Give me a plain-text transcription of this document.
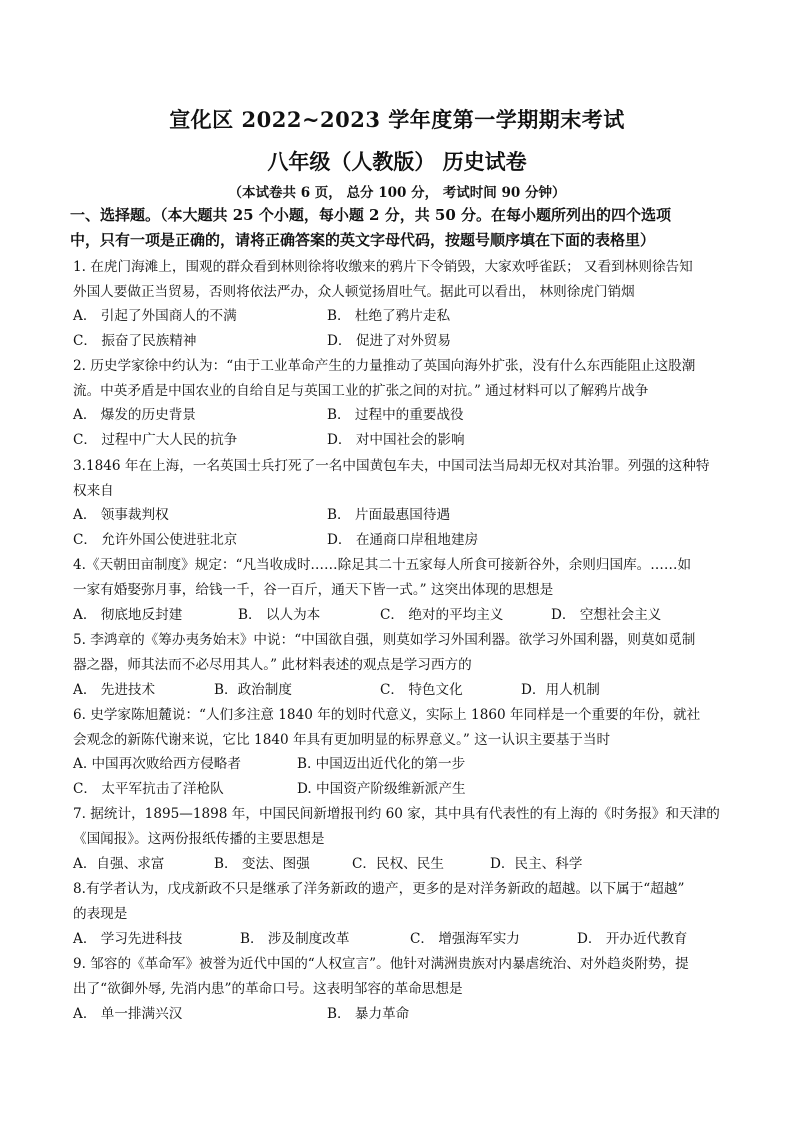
宣化区 2022~2023 学年度第一学期期末考试
八年级（人教版） 历史试卷
（本试卷共 6 页， 总分 100 分， 考试时间 90 分钟）
一、选择题。（本大题共 25 个小题，每小题 2 分，共 50 分。在每小题所列出的四个选项
中，只有一项是正确的，请将正确答案的英文字母代码，按题号顺序填在下面的表格里）
1. 在虎门海滩上，围观的群众看到林则徐将收缴来的鸦片下令销毁，大家欢呼雀跃； 又看到林则徐告知
外国人要做正当贸易，否则将依法严办，众人顿觉扬眉吐气。据此可以看出， 林则徐虎门销烟
A． 引起了外国商人的不满	B． 杜绝了鸦片走私
C． 振奋了民族精神	D． 促进了对外贸易
2. 历史学家徐中约认为：“由于工业革命产生的力量推动了英国向海外扩张，没有什么东西能阻止这股潮
流。中英矛盾是中国农业的自给自足与英国工业的扩张之间的对抗。” 通过材料可以了解鸦片战争
A． 爆发的历史背景	B． 过程中的重要战役
C． 过程中广大人民的抗争	D． 对中国社会的影响
3.1846 年在上海，一名英国士兵打死了一名中国黄包车夫，中国司法当局却无权对其治罪。列强的这种特
权来自
A． 领事裁判权	B． 片面最惠国待遇
C． 允许外国公使进驻北京	D． 在通商口岸租地建房
4.《天朝田亩制度》规定：“凡当收成时……除足其二十五家每人所食可接新谷外，余则归国库。……如
一家有婚娶弥月事，给钱一千，谷一百斤，通天下皆一式。” 这突出体现的思想是
A． 彻底地反封建	B． 以人为本	C． 绝对的平均主义	D． 空想社会主义
5. 李鸿章的《筹办夷务始末》中说：“中国欲自强，则莫如学习外国利器。欲学习外国利器，则莫如觅制
器之器，师其法而不必尽用其人。” 此材料表述的观点是学习西方的
A． 先进技术	B．政治制度	C． 特色文化	D．用人机制
6. 史学家陈旭麓说：“人们多注意 1840 年的划时代意义，实际上 1860 年同样是一个重要的年份，就社
会观念的新陈代谢来说，它比 1840 年具有更加明显的标界意义。” 这一认识主要基于当时
A. 中国再次败给西方侵略者	B. 中国迈出近代化的第一步
C． 太平军抗击了洋枪队	D. 中国资产阶级维新派产生
7. 据统计，1895—1898 年，中国民间新增报刊约 60 家，其中具有代表性的有上海的《时务报》和天津的
《国闻报》。这两份报纸传播的主要思想是
A．自强、求富	B． 变法、图强	C．民权、民生	D．民主、科学
8.有学者认为，戊戌新政不只是继承了洋务新政的遗产，更多的是对洋务新政的超越。以下属于“超越”
的表现是
A． 学习先进科技	B． 涉及制度改革	C． 增强海军实力	D． 开办近代教育
9. 邹容的《革命军》被誉为近代中国的“人权宣言”。他针对满洲贵族对内暴虐统治、对外趋炎附势，提
出了“欲御外辱, 先消内患”的革命口号。这表明邹容的革命思想是
A． 单一排满兴汉	B． 暴力革命
